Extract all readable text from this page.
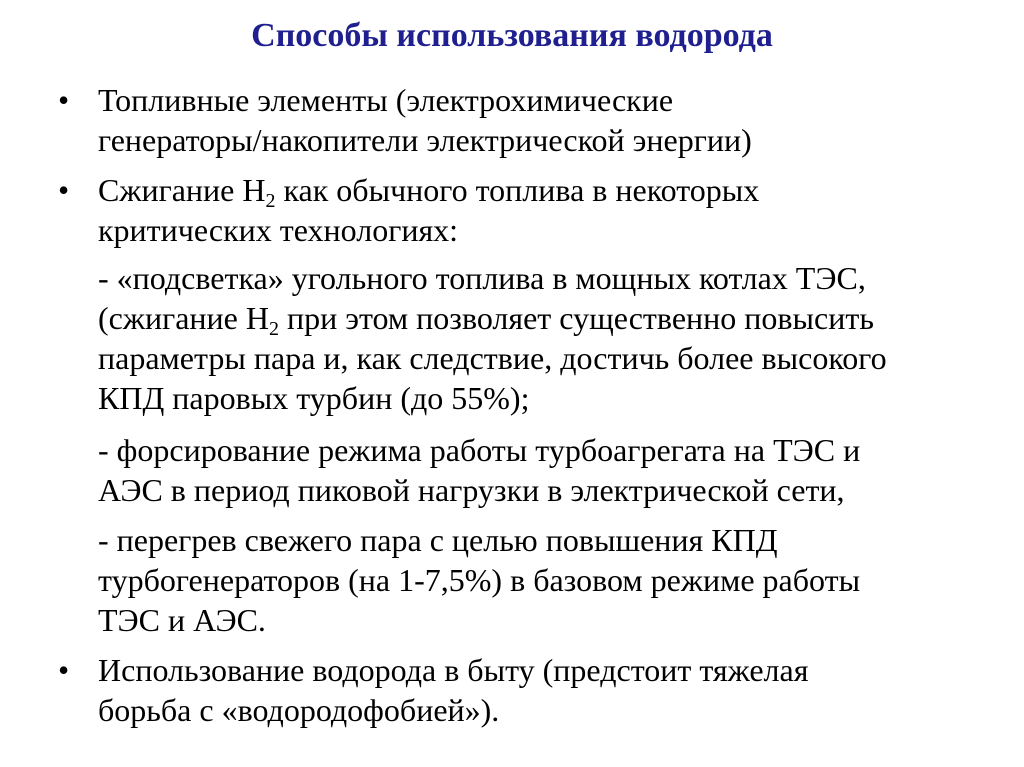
Способы использования водорода
• Топливные элементы (электрохимические
генераторы/накопители электрической энергии)
• Сжигание $H_2$ как обычного топлива в некоторых
критических технологиях:
- «подсветка» угольного топлива в мощных котлах ТЭС,
(сжигание $H_2$ при этом позволяет существенно повысить
параметры пара и, как следствие, достичь более высокого
КПД паровых турбин (до 55%);
- форсирование режима работы турбоагрегата на ТЭС и
АЭС в период пиковой нагрузки в электрической сети,
- перегрев свежего пара с целью повышения КПД
турбогенераторов (на 1-7,5%) в базовом режиме работы
ТЭС и АЭС.
• Использование водорода в быту (предстоит тяжелая
борьба с «водородофобией»).
